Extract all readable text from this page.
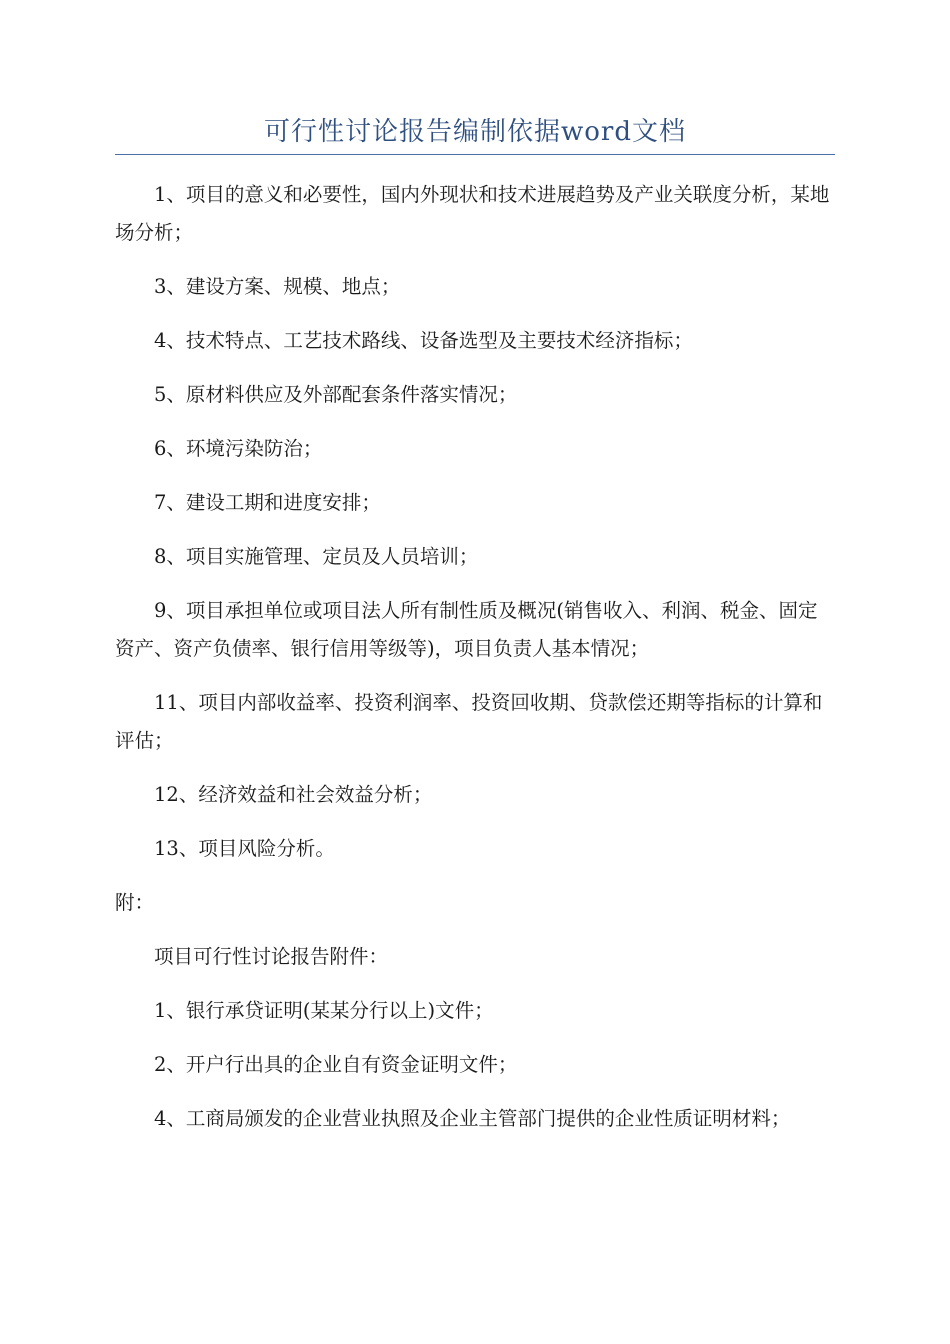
可行性讨论报告编制依据word文档

1、项目的意义和必要性，国内外现状和技术进展趋势及产业关联度分析，某地场分析；

3、建设方案、规模、地点；

4、技术特点、工艺技术路线、设备选型及主要技术经济指标；

5、原材料供应及外部配套条件落实情况；

6、环境污染防治；

7、建设工期和进度安排；

8、项目实施管理、定员及人员培训；

9、项目承担单位或项目法人所有制性质及概况(销售收入、利润、税金、固定资产、资产负债率、银行信用等级等)，项目负责人基本情况；

11、项目内部收益率、投资利润率、投资回收期、贷款偿还期等指标的计算和评估；

12、经济效益和社会效益分析；

13、项目风险分析。

附：

项目可行性讨论报告附件：

1、银行承贷证明(某某分行以上)文件；

2、开户行出具的企业自有资金证明文件；

4、工商局颁发的企业营业执照及企业主管部门提供的企业性质证明材料；
